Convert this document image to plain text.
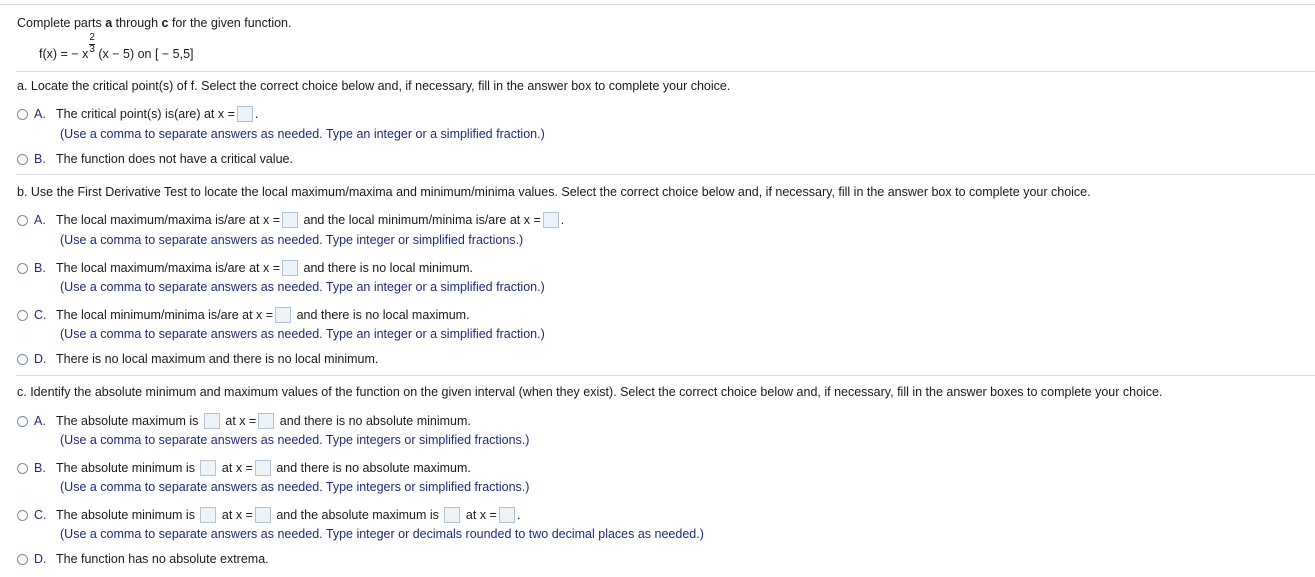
Complete parts a through c for the given function.
f(x) = − x $\frac{2}{3} (x - 5)$ on [ − 5,5]
a. Locate the critical point(s) of f. Select the correct choice below and, if necessary, fill in the answer box to complete your choice.
A. The critical point(s) is(are) at x = .
(Use a comma to separate answers as needed. Type an integer or a simplified fraction.)
B. The function does not have a critical value.
b. Use the First Derivative Test to locate the local maximum/maxima and minimum/minima values. Select the correct choice below and, if necessary, fill in the answer box to complete your choice.
A. The local maximum/maxima is/are at x = and the local minimum/minima is/are at x = .
(Use a comma to separate answers as needed. Type integer or simplified fractions.)
B. The local maximum/maxima is/are at x = and there is no local minimum.
(Use a comma to separate answers as needed. Type an integer or a simplified fraction.)
C. The local minimum/minima is/are at x = and there is no local maximum.
(Use a comma to separate answers as needed. Type an integer or a simplified fraction.)
D. There is no local maximum and there is no local minimum.
c. Identify the absolute minimum and maximum values of the function on the given interval (when they exist). Select the correct choice below and, if necessary, fill in the answer boxes to complete your choice.
A. The absolute maximum is at x = and there is no absolute minimum.
(Use a comma to separate answers as needed. Type integers or simplified fractions.)
B. The absolute minimum is at x = and there is no absolute maximum.
(Use a comma to separate answers as needed. Type integers or simplified fractions.)
C. The absolute minimum is at x = and the absolute maximum is at x = .
(Use a comma to separate answers as needed. Type integer or decimals rounded to two decimal places as needed.)
D. The function has no absolute extrema.
